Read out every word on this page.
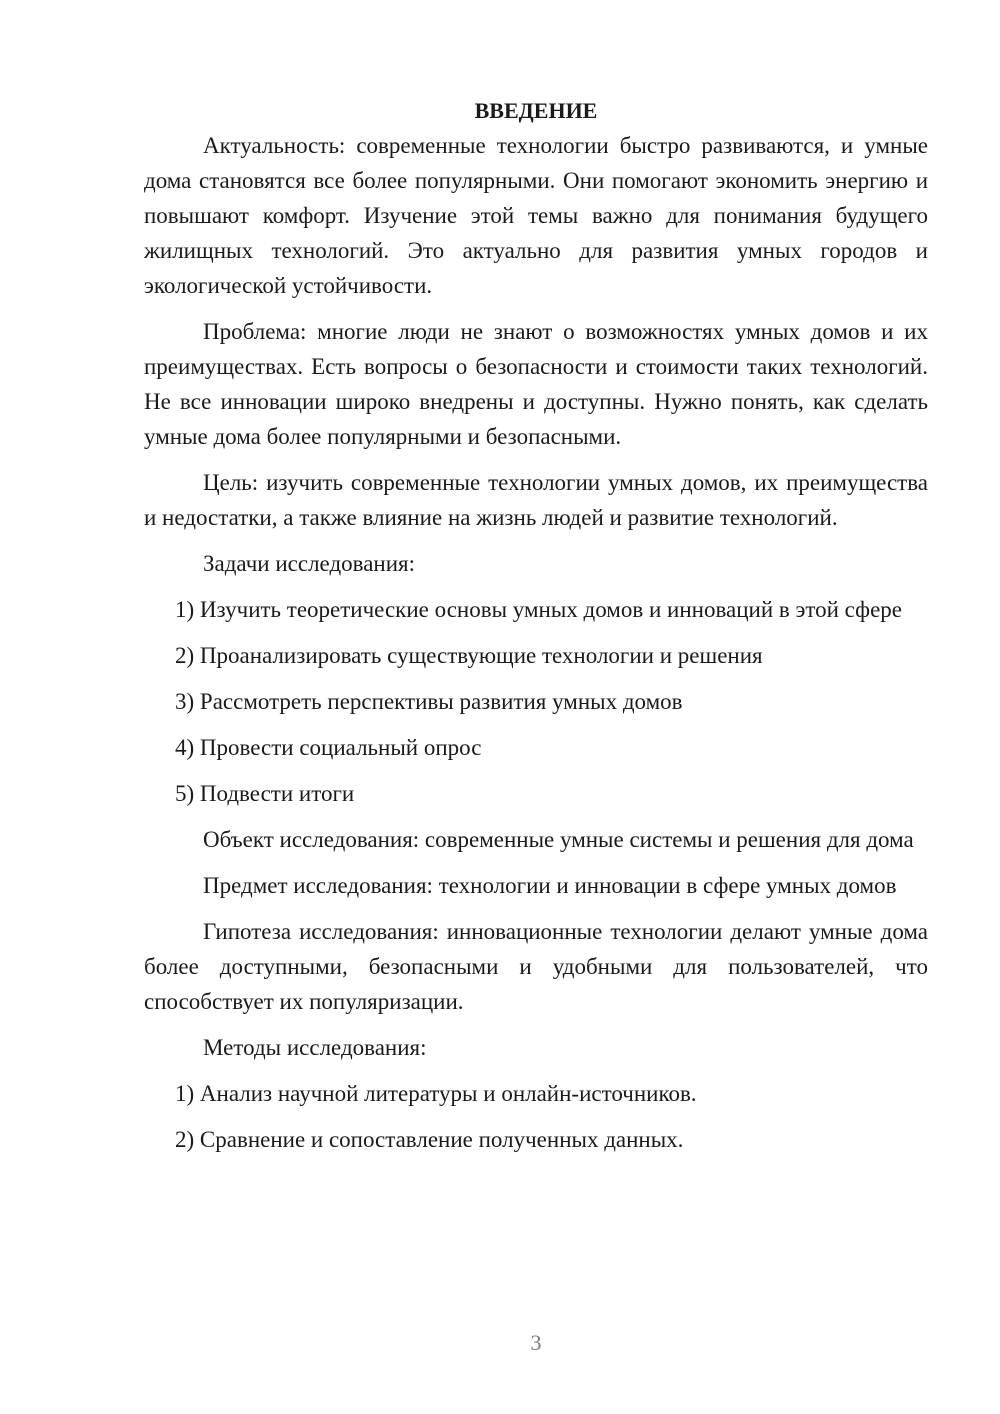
ВВЕДЕНИЕ

Актуальность: современные технологии быстро развиваются, и умные дома становятся все более популярными. Они помогают экономить энергию и повышают комфорт. Изучение этой темы важно для понимания будущего жилищных технологий. Это актуально для развития умных городов и экологической устойчивости.

Проблема: многие люди не знают о возможностях умных домов и их преимуществах. Есть вопросы о безопасности и стоимости таких технологий. Не все инновации широко внедрены и доступны. Нужно понять, как сделать умные дома более популярными и безопасными.

Цель: изучить современные технологии умных домов, их преимущества и недостатки, а также влияние на жизнь людей и развитие технологий.

Задачи исследования:

1) Изучить теоретические основы умных домов и инноваций в этой сфере

2) Проанализировать существующие технологии и решения

3) Рассмотреть перспективы развития умных домов

4) Провести социальный опрос

5) Подвести итоги

Объект исследования: современные умные системы и решения для дома

Предмет исследования: технологии и инновации в сфере умных домов

Гипотеза исследования: инновационные технологии делают умные дома более доступными, безопасными и удобными для пользователей, что способствует их популяризации.

Методы исследования:

1) Анализ научной литературы и онлайн-источников.

2) Сравнение и сопоставление полученных данных.

3
